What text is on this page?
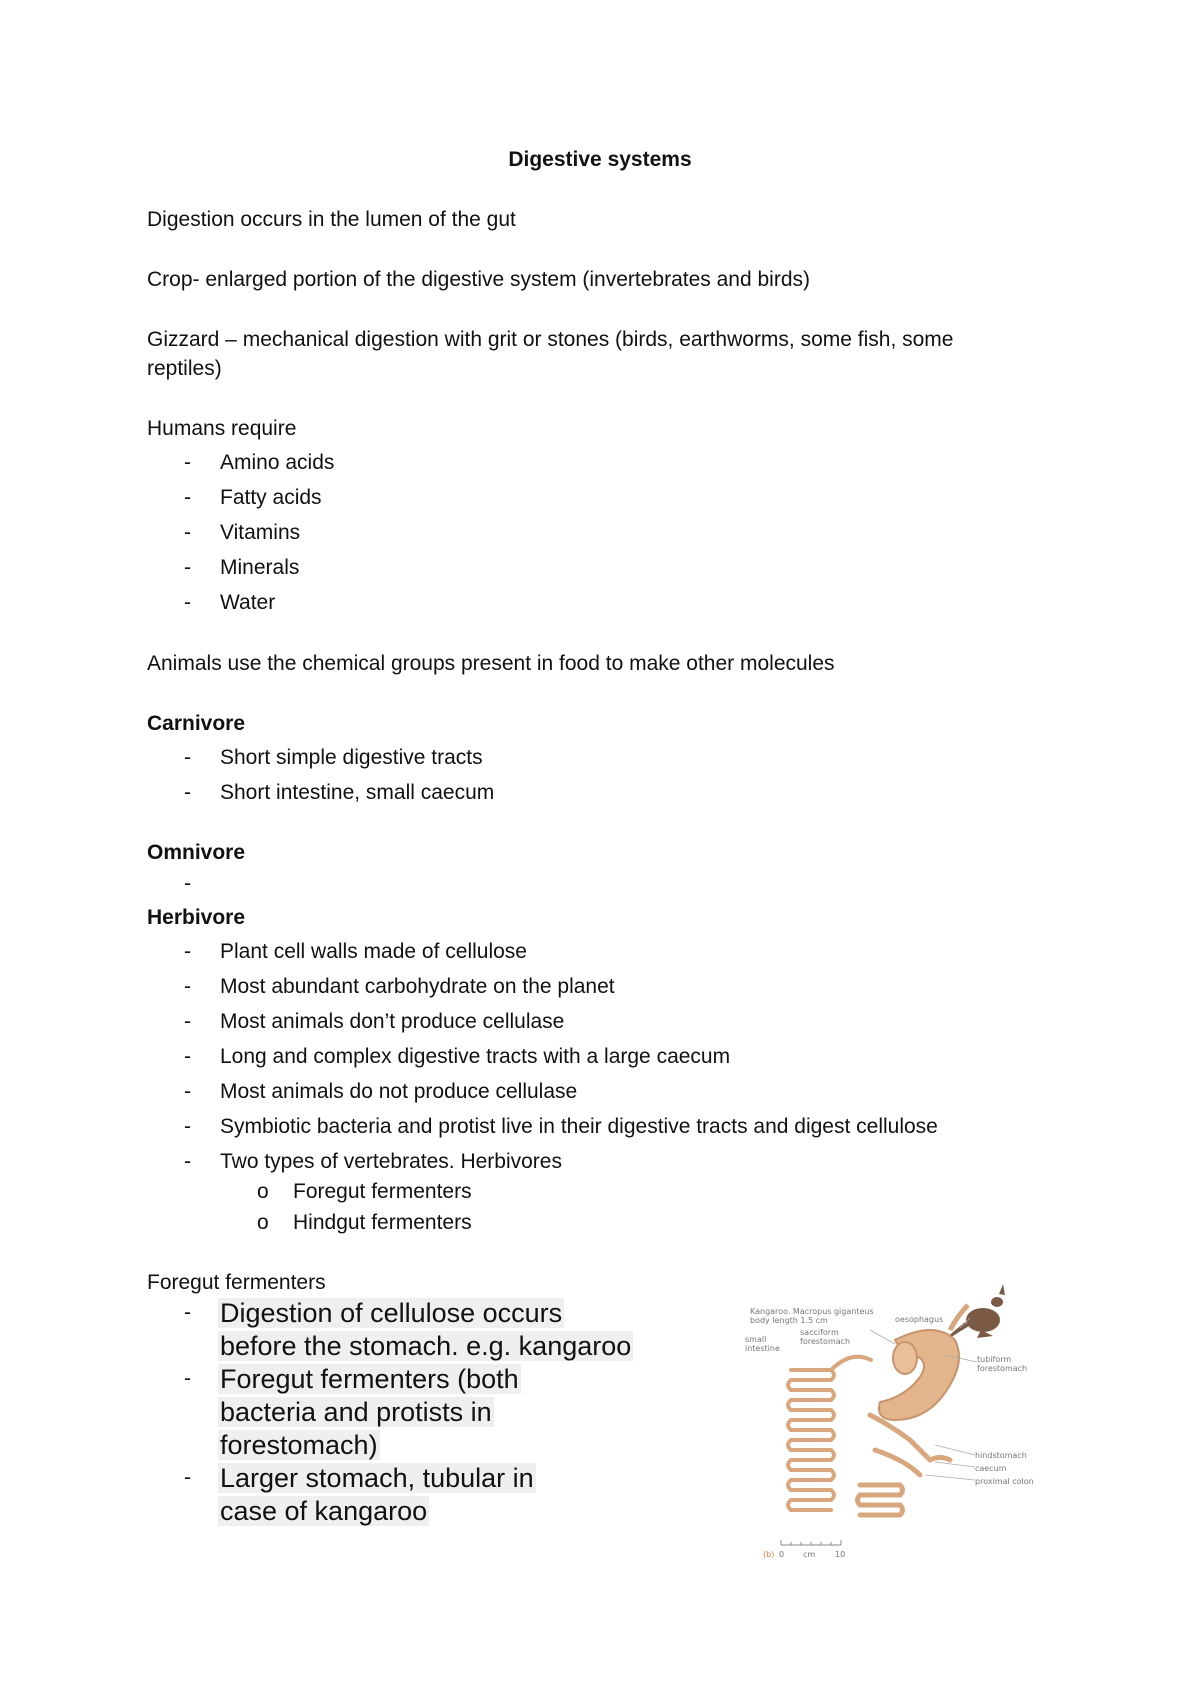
Digestive systems
Digestion occurs in the lumen of the gut
Crop- enlarged portion of the digestive system (invertebrates and birds)
Gizzard – mechanical digestion with grit or stones (birds, earthworms, some fish, some
reptiles)
Humans require
- Amino acids
- Fatty acids
- Vitamins
- Minerals
- Water
Animals use the chemical groups present in food to make other molecules
Carnivore
- Short simple digestive tracts
- Short intestine, small caecum
Omnivore
-
Herbivore
- Plant cell walls made of cellulose
- Most abundant carbohydrate on the planet
- Most animals don’t produce cellulase
- Long and complex digestive tracts with a large caecum
- Most animals do not produce cellulase
- Symbiotic bacteria and protist live in their digestive tracts and digest cellulose
- Two types of vertebrates. Herbivores
o Foregut fermenters
o Hindgut fermenters
Foregut fermenters
- Digestion of cellulose occurs
before the stomach. e.g. kangaroo
- Foregut fermenters (both
bacteria and protists in
forestomach)
- Larger stomach, tubular in
case of kangaroo
Kangaroo. Macropus giganteus
body length 1.5 cm	oesophagus
sacciform
forestomach
small
intestine
tubiform
forestomach
hindstomach
caecum
proximal colon
(b) 0 cm 10
